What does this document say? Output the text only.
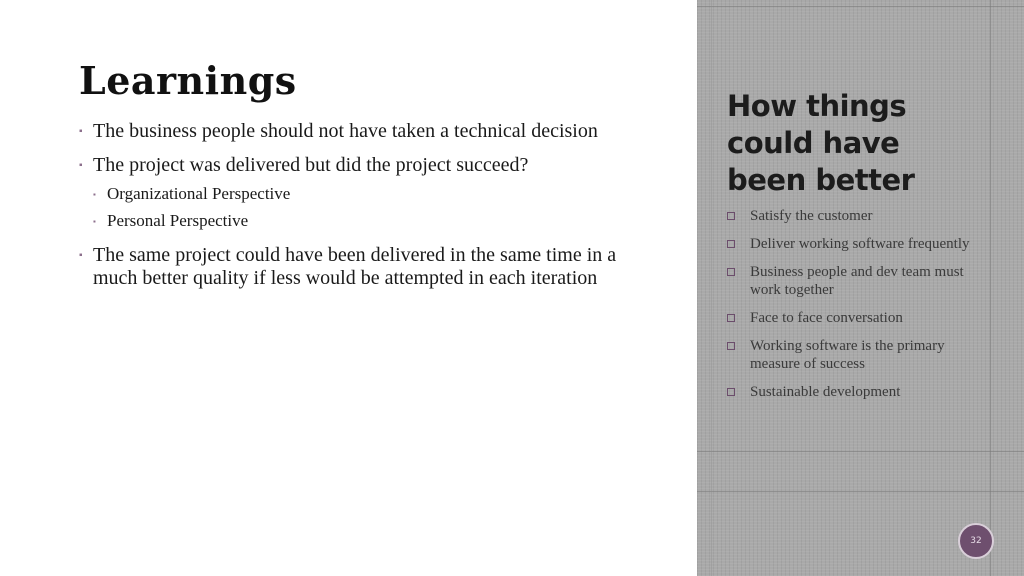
Learnings
▪ The business people should not have taken a technical decision
▪ The project was delivered but did the project succeed?
▪ Organizational Perspective
▪ Personal Perspective
▪ The same project could have been delivered in the same time in a much better quality if less would be attempted in each iteration
How things could have been better
Satisfy the customer
Deliver working software frequently
Business people and dev team must work together
Face to face conversation
Working software is the primary measure of success
Sustainable development
32
